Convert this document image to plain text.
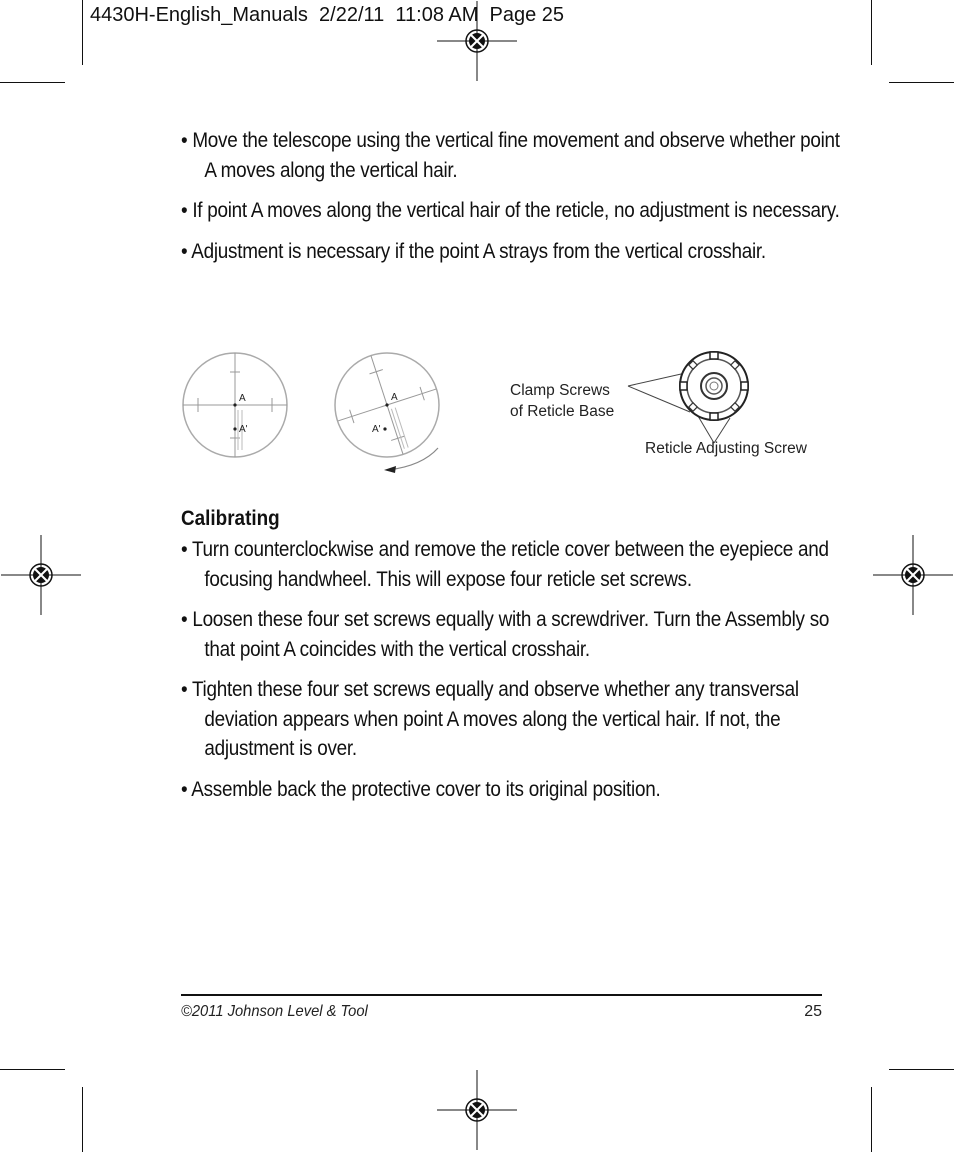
4430H-English_Manuals  2/22/11  11:08 AM  Page 25

• Move the telescope using the vertical fine movement and observe whether point A moves along the vertical hair.

• If point A moves along the vertical hair of the reticle, no adjustment is necessary.

• Adjustment is necessary if the point A strays from the vertical crosshair.

A
A'
A
A'
Clamp Screws
of Reticle Base
Reticle Adjusting Screw
Calibrating

• Turn counterclockwise and remove the reticle cover between the eyepiece and focusing handwheel. This will expose four reticle set screws.

• Loosen these four set screws equally with a screwdriver. Turn the Assembly so that point A coincides with the vertical crosshair.

• Tighten these four set screws equally and observe whether any transversal deviation appears when point A moves along the vertical hair. If not, the adjustment is over.

• Assemble back the protective cover to its original position.

©2011 Johnson Level & Tool	25
